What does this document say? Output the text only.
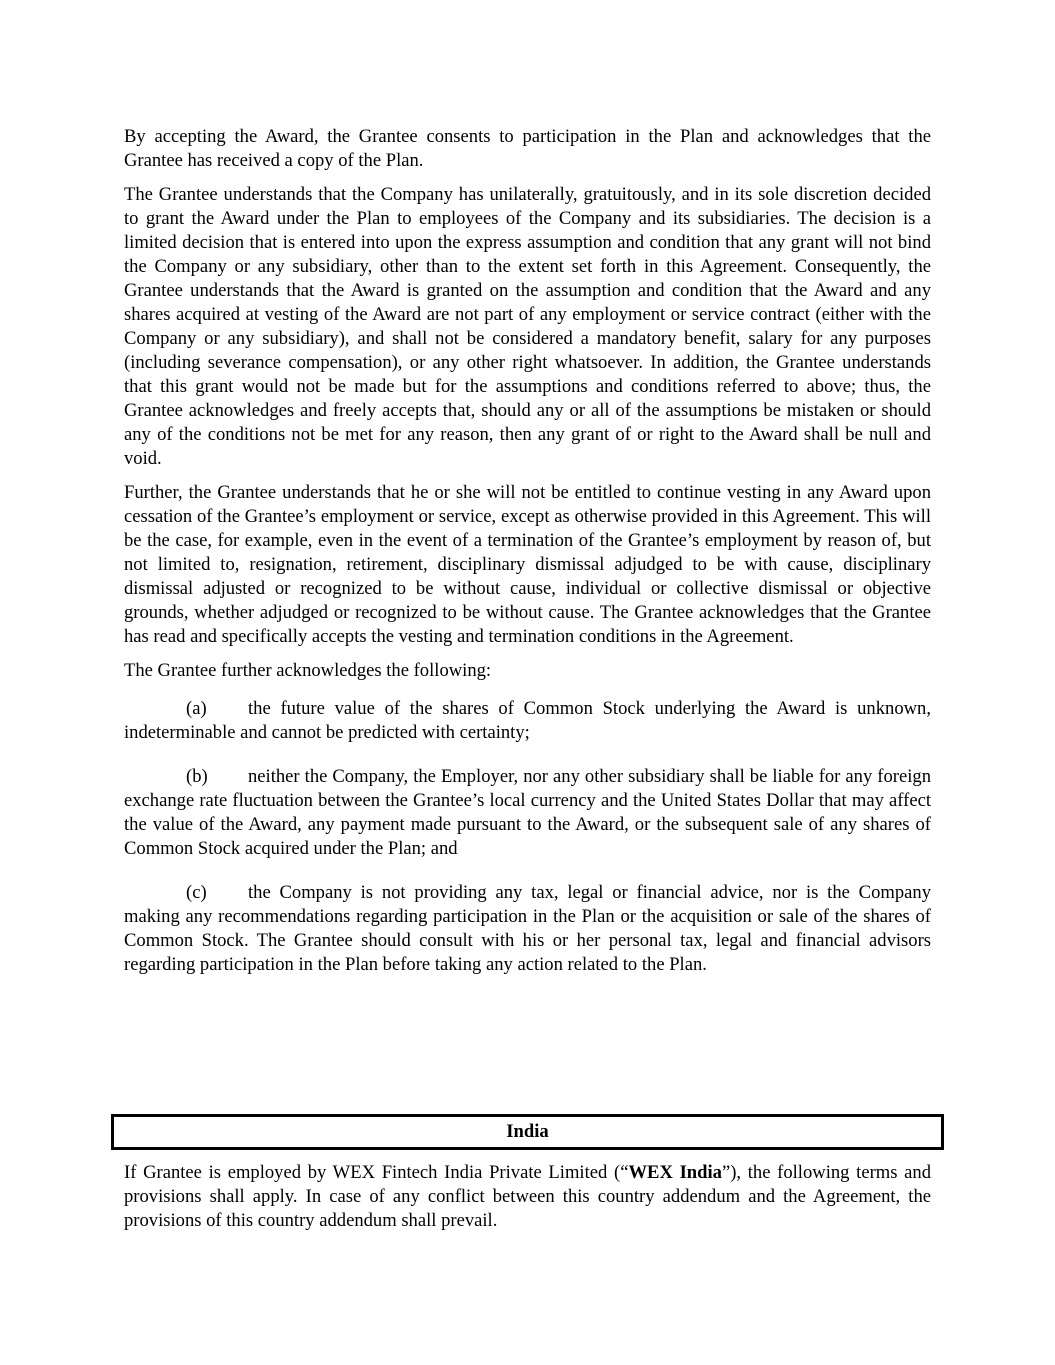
By accepting the Award, the Grantee consents to participation in the Plan and acknowledges that the Grantee has received a copy of the Plan.

The Grantee understands that the Company has unilaterally, gratuitously, and in its sole discretion decided to grant the Award under the Plan to employees of the Company and its subsidiaries. The decision is a limited decision that is entered into upon the express assumption and condition that any grant will not bind the Company or any subsidiary, other than to the extent set forth in this Agreement. Consequently, the Grantee understands that the Award is granted on the assumption and condition that the Award and any shares acquired at vesting of the Award are not part of any employment or service contract (either with the Company or any subsidiary), and shall not be considered a mandatory benefit, salary for any purposes (including severance compensation), or any other right whatsoever. In addition, the Grantee understands that this grant would not be made but for the assumptions and conditions referred to above; thus, the Grantee acknowledges and freely accepts that, should any or all of the assumptions be mistaken or should any of the conditions not be met for any reason, then any grant of or right to the Award shall be null and void.

Further, the Grantee understands that he or she will not be entitled to continue vesting in any Award upon cessation of the Grantee’s employment or service, except as otherwise provided in this Agreement. This will be the case, for example, even in the event of a termination of the Grantee’s employment by reason of, but not limited to, resignation, retirement, disciplinary dismissal adjudged to be with cause, disciplinary dismissal adjusted or recognized to be without cause, individual or collective dismissal or objective grounds, whether adjudged or recognized to be without cause. The Grantee acknowledges that the Grantee has read and specifically accepts the vesting and termination conditions in the Agreement.

The Grantee further acknowledges the following:

(a) the future value of the shares of Common Stock underlying the Award is unknown, indeterminable and cannot be predicted with certainty;
(b) neither the Company, the Employer, nor any other subsidiary shall be liable for any foreign exchange rate fluctuation between the Grantee’s local currency and the United States Dollar that may affect the value of the Award, any payment made pursuant to the Award, or the subsequent sale of any shares of Common Stock acquired under the Plan; and
(c) the Company is not providing any tax, legal or financial advice, nor is the Company making any recommendations regarding participation in the Plan or the acquisition or sale of the shares of Common Stock. The Grantee should consult with his or her personal tax, legal and financial advisors regarding participation in the Plan before taking any action related to the Plan.
India

If Grantee is employed by WEX Fintech India Private Limited (“WEX India”), the following terms and provisions shall apply. In case of any conflict between this country addendum and the Agreement, the provisions of this country addendum shall prevail.
